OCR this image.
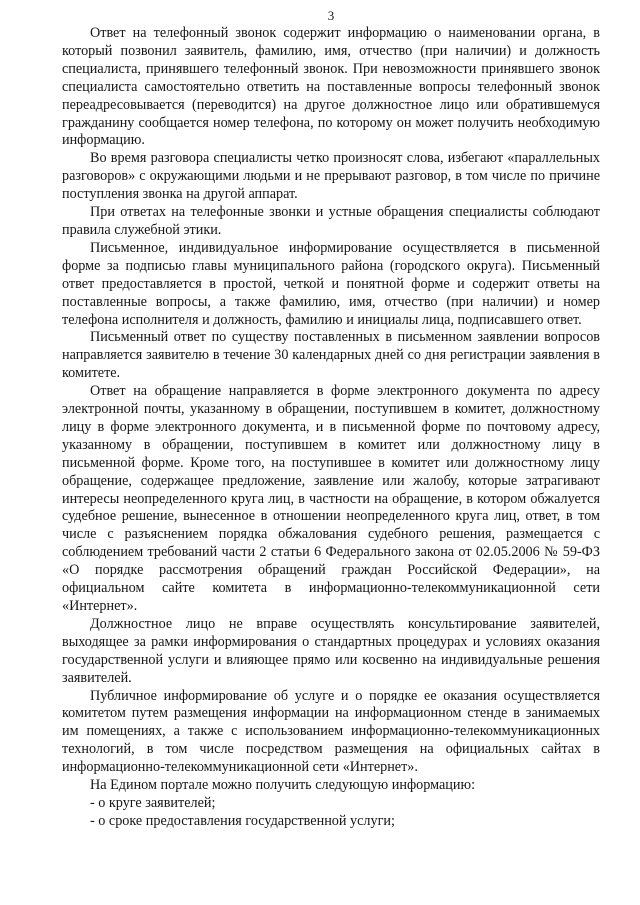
3

Ответ на телефонный звонок содержит информацию о наименовании органа, в который позвонил заявитель, фамилию, имя, отчество (при наличии) и должность специалиста, принявшего телефонный звонок. При невозможности принявшего звонок специалиста самостоятельно ответить на поставленные вопросы телефонный звонок переадресовывается (переводится) на другое должностное лицо или обратившемуся гражданину сообщается номер телефона, по которому он может получить необходимую информацию.

Во время разговора специалисты четко произносят слова, избегают «параллельных разговоров» с окружающими людьми и не прерывают разговор, в том числе по причине поступления звонка на другой аппарат.

При ответах на телефонные звонки и устные обращения специалисты соблюдают правила служебной этики.

Письменное, индивидуальное информирование осуществляется в письменной форме за подписью главы муниципального района (городского округа). Письменный ответ предоставляется в простой, четкой и понятной форме и содержит ответы на поставленные вопросы, а также фамилию, имя, отчество (при наличии) и номер телефона исполнителя и должность, фамилию и инициалы лица, подписавшего ответ.

Письменный ответ по существу поставленных в письменном заявлении вопросов направляется заявителю в течение 30 календарных дней со дня регистрации заявления в комитете.

Ответ на обращение направляется в форме электронного документа по адресу электронной почты, указанному в обращении, поступившем в комитет, должностному лицу в форме электронного документа, и в письменной форме по почтовому адресу, указанному в обращении, поступившем в комитет или должностному лицу в письменной форме. Кроме того, на поступившее в комитет или должностному лицу обращение, содержащее предложение, заявление или жалобу, которые затрагивают интересы неопределенного круга лиц, в частности на обращение, в котором обжалуется судебное решение, вынесенное в отношении неопределенного круга лиц, ответ, в том числе с разъяснением порядка обжалования судебного решения, размещается с соблюдением требований части 2 статьи 6 Федерального закона от 02.05.2006 № 59-ФЗ «О порядке рассмотрения обращений граждан Российской Федерации», на официальном сайте комитета в информационно-телекоммуникационной сети «Интернет».

Должностное лицо не вправе осуществлять консультирование заявителей, выходящее за рамки информирования о стандартных процедурах и условиях оказания государственной услуги и влияющее прямо или косвенно на индивидуальные решения заявителей.

Публичное информирование об услуге и о порядке ее оказания осуществляется комитетом путем размещения информации на информационном стенде в занимаемых им помещениях, а также с использованием информационно-телекоммуникационных технологий, в том числе посредством размещения на официальных сайтах в информационно-телекоммуникационной сети «Интернет».

На Едином портале можно получить следующую информацию:

- о круге заявителей;

- о сроке предоставления государственной услуги;
